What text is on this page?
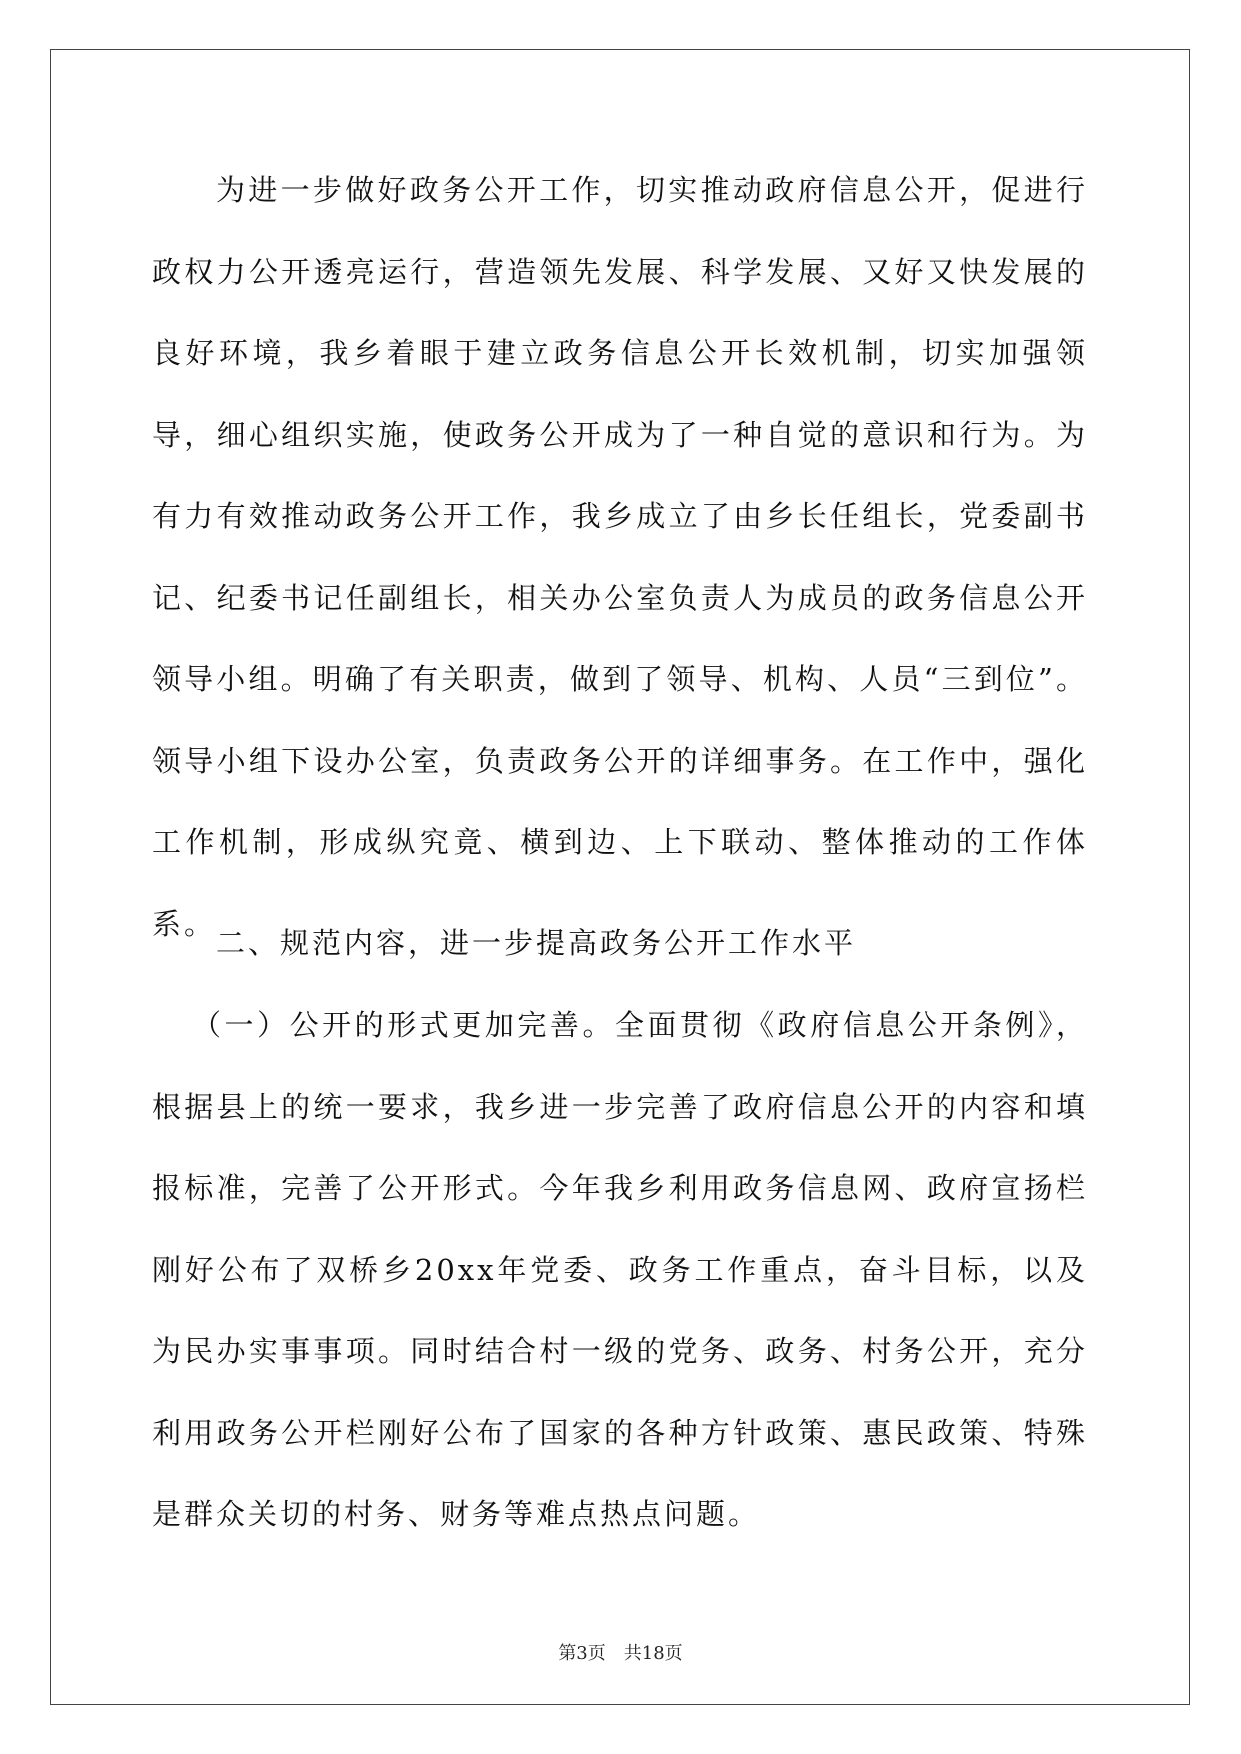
为进一步做好政务公开工作，切实推动政府信息公开，促进行政权力公开透亮运行，营造领先发展、科学发展、又好又快发展的良好环境，我乡着眼于建立政务信息公开长效机制，切实加强领导，细心组织实施，使政务公开成为了一种自觉的意识和行为。为有力有效推动政务公开工作，我乡成立了由乡长任组长，党委副书记、纪委书记任副组长，相关办公室负责人为成员的政务信息公开领导小组。明确了有关职责，做到了领导、机构、人员“三到位”。领导小组下设办公室，负责政务公开的详细事务。在工作中，强化工作机制，形成纵究竟、横到边、上下联动、整体推动的工作体系。

二、规范内容，进一步提高政务公开工作水平

（一）公开的形式更加完善。全面贯彻《政府信息公开条例》，根据县上的统一要求，我乡进一步完善了政府信息公开的内容和填报标准，完善了公开形式。今年我乡利用政务信息网、政府宣扬栏刚好公布了双桥乡20xx年党委、政务工作重点，奋斗目标，以及为民办实事事项。同时结合村一级的党务、政务、村务公开，充分利用政务公开栏刚好公布了国家的各种方针政策、惠民政策、特殊是群众关切的村务、财务等难点热点问题。

第3页　共18页
